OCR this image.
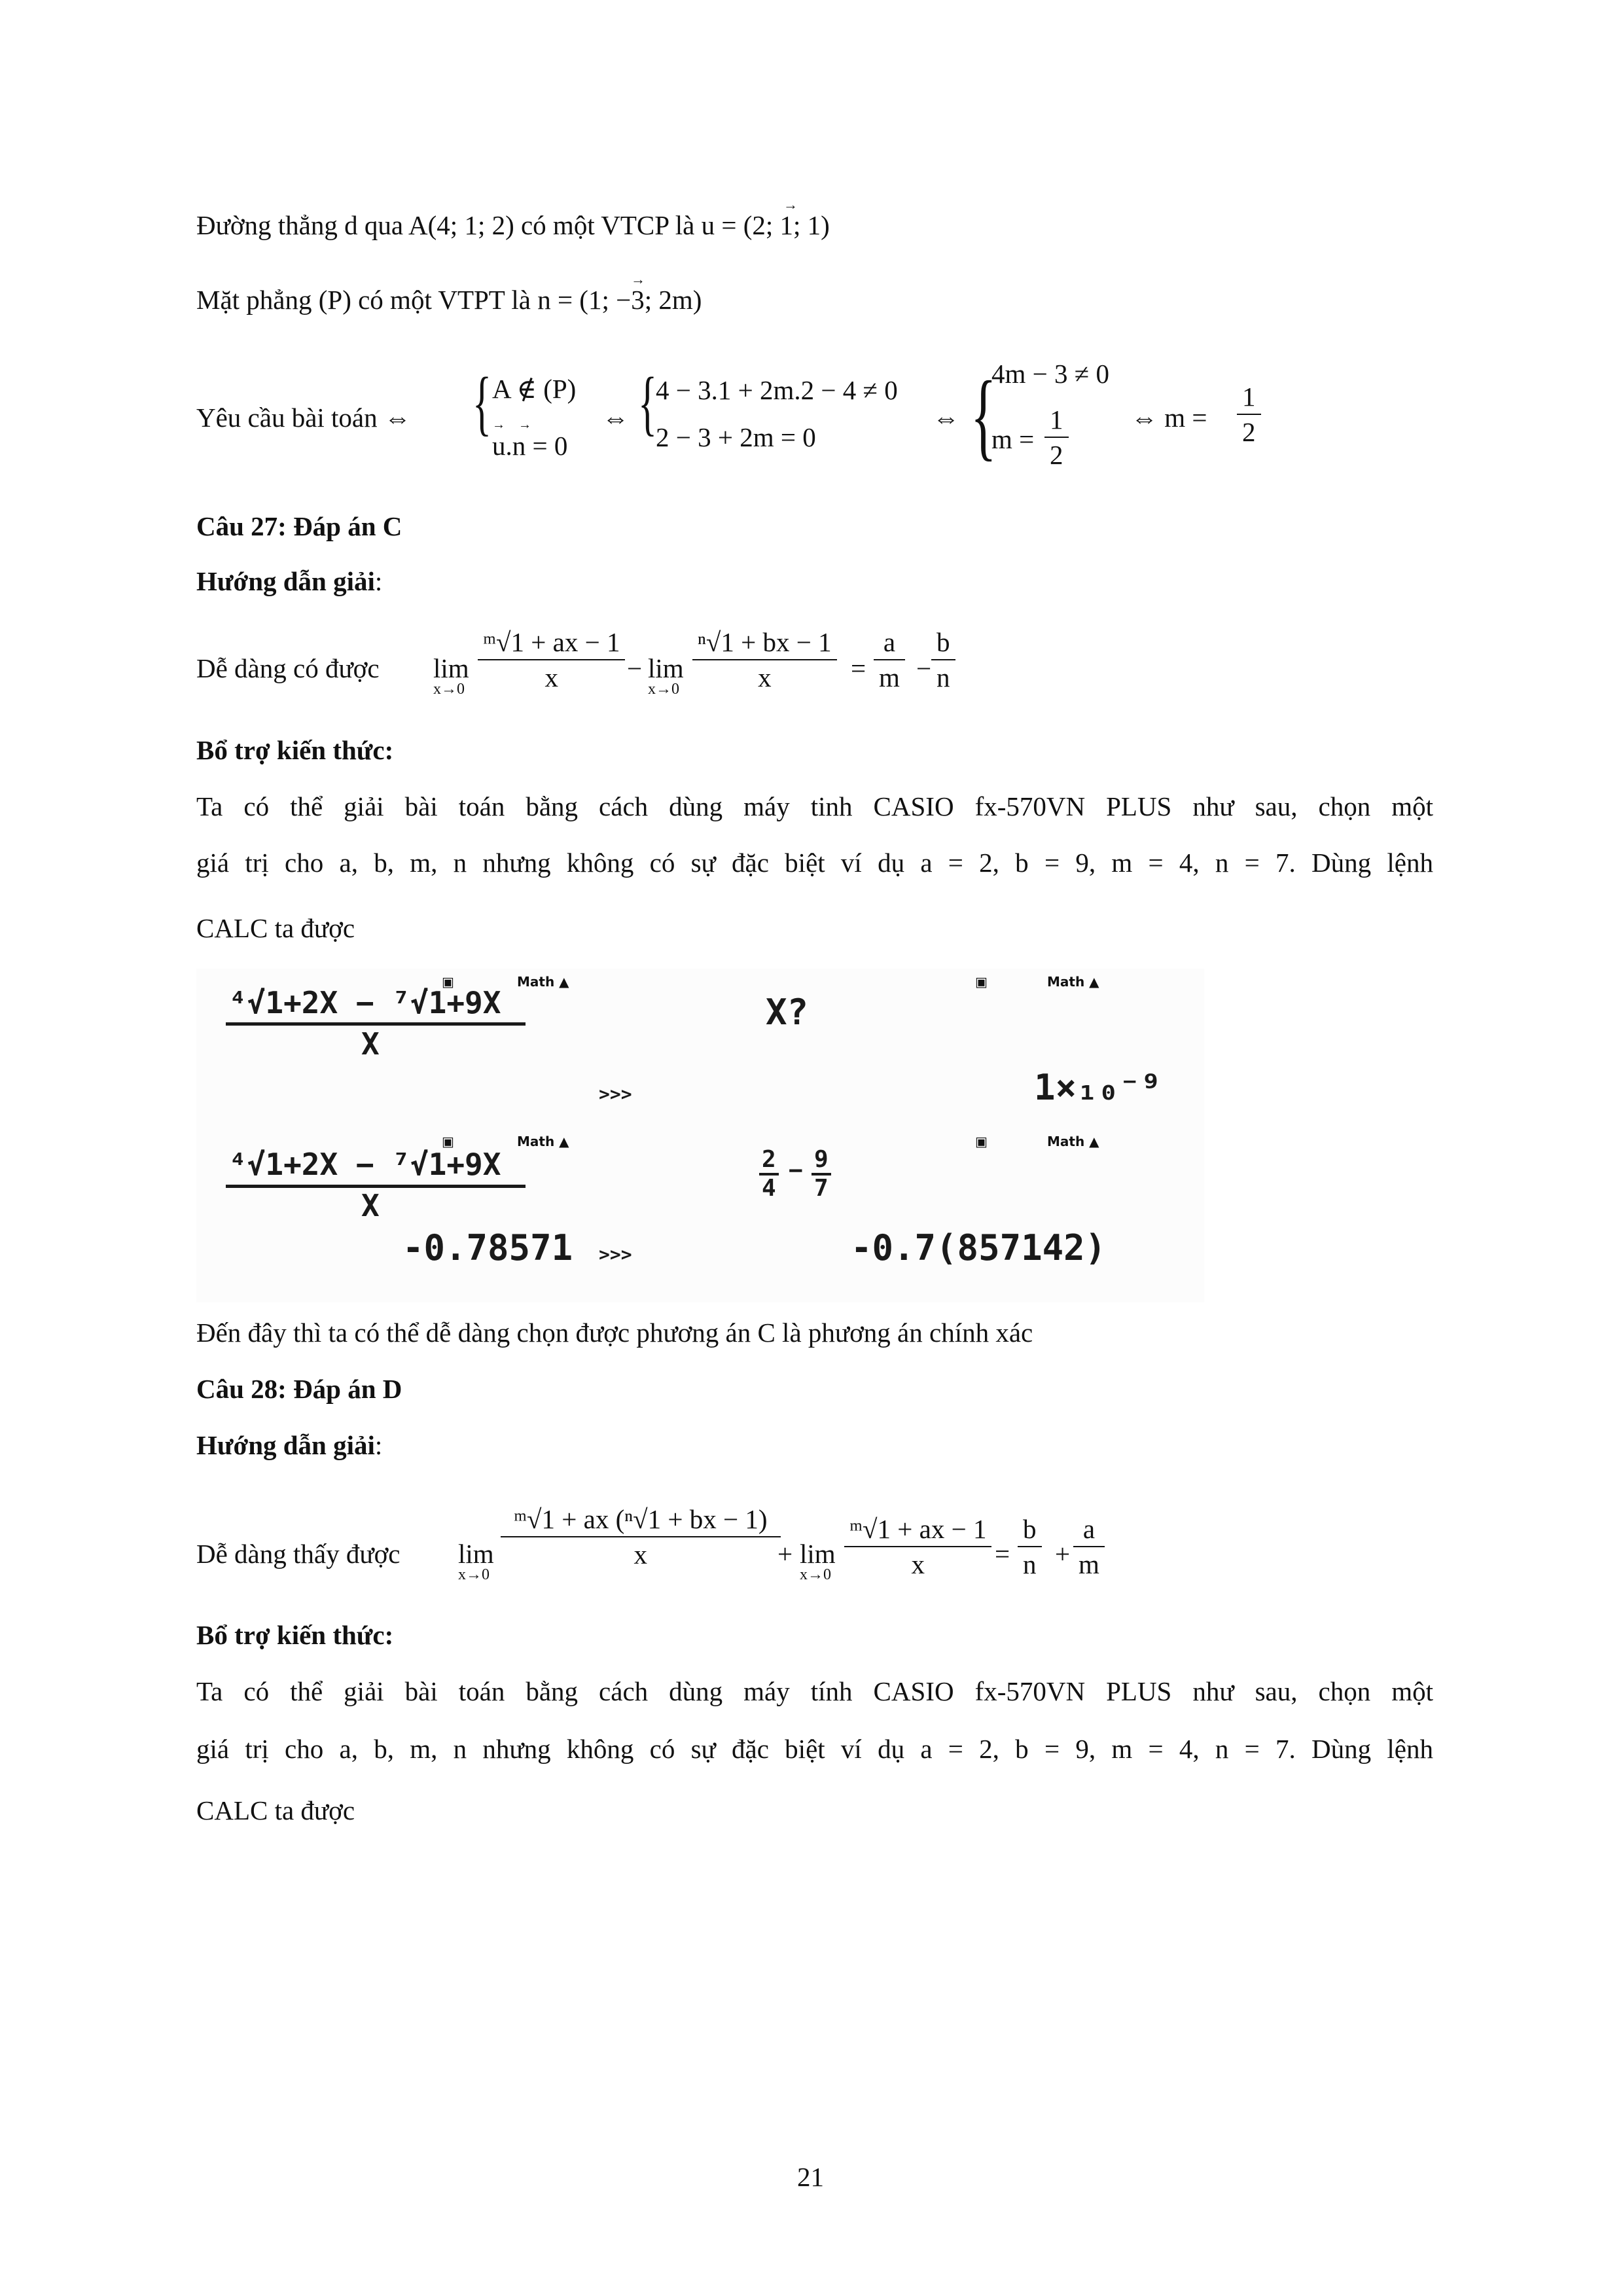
Đường thẳng d qua A(4; 1; 2) có một VTCP là u = (2; 1; 1)
→
Mặt phẳng (P) có một VTPT là n = (1; −3; 2m)
→
Yêu cầu bài toán ⇔ { A ∉ (P)
u.n = 0
→→ ⇔ {
4 − 3.1 + 2m.2 − 4 ≠ 0
2 − 3 + 2m = 0
⇔ {
4m − 3 ≠ 0
$m = \frac{1}{2}$ ⇔ $m = \frac{1}{2}$
Câu 27: Đáp án C
Hướng dẫn giải:
Dễ dàng có được lim
$x\to 0 \frac{\text{ᵐ√1 + ax − 1}}{x} - \lim$
$x\to 0 \frac{\text{ⁿ√1 + bx − 1}}{x} = \frac{a}{m} - \frac{b}{n}$
Bổ trợ kiến thức:
Ta có thể giải bài toán bằng cách dùng máy tinh CASIO fx-570VN PLUS như sau, chọn một
giá trị cho a, b, m, n nhưng không có sự đặc biệt ví dụ a = 2, b = 9, m = 4, n = 7. Dùng lệnh
CALC ta được
▣	Math ▲
⁴√1+2X − ⁷√1+9X
X
>>>
▣	Math ▲
X?
1×₁₀⁻⁹
▣	Math ▲
⁴√1+2X − ⁷√1+9X
X
-0.78571 >>>
▣	Math ▲
$\frac{2}{4} - \frac{9}{7}$
-0.7(857142)
Đến đây thì ta có thể dễ dàng chọn được phương án C là phương án chính xác
Câu 28: Đáp án D
Hướng dẫn giải:
Dễ dàng thấy được lim
x→0
$\frac{\text{ᵐ√1 + ax (ⁿ√1 + bx − 1)}}{x}$
+ lim
$x\to 0 \frac{\text{ᵐ√1 + ax − 1}}{x} = \frac{b}{n} + \frac{a}{m}$
Bổ trợ kiến thức:
Ta có thể giải bài toán bằng cách dùng máy tính CASIO fx-570VN PLUS như sau, chọn một
giá trị cho a, b, m, n nhưng không có sự đặc biệt ví dụ a = 2, b = 9, m = 4, n = 7. Dùng lệnh
CALC ta được
21
